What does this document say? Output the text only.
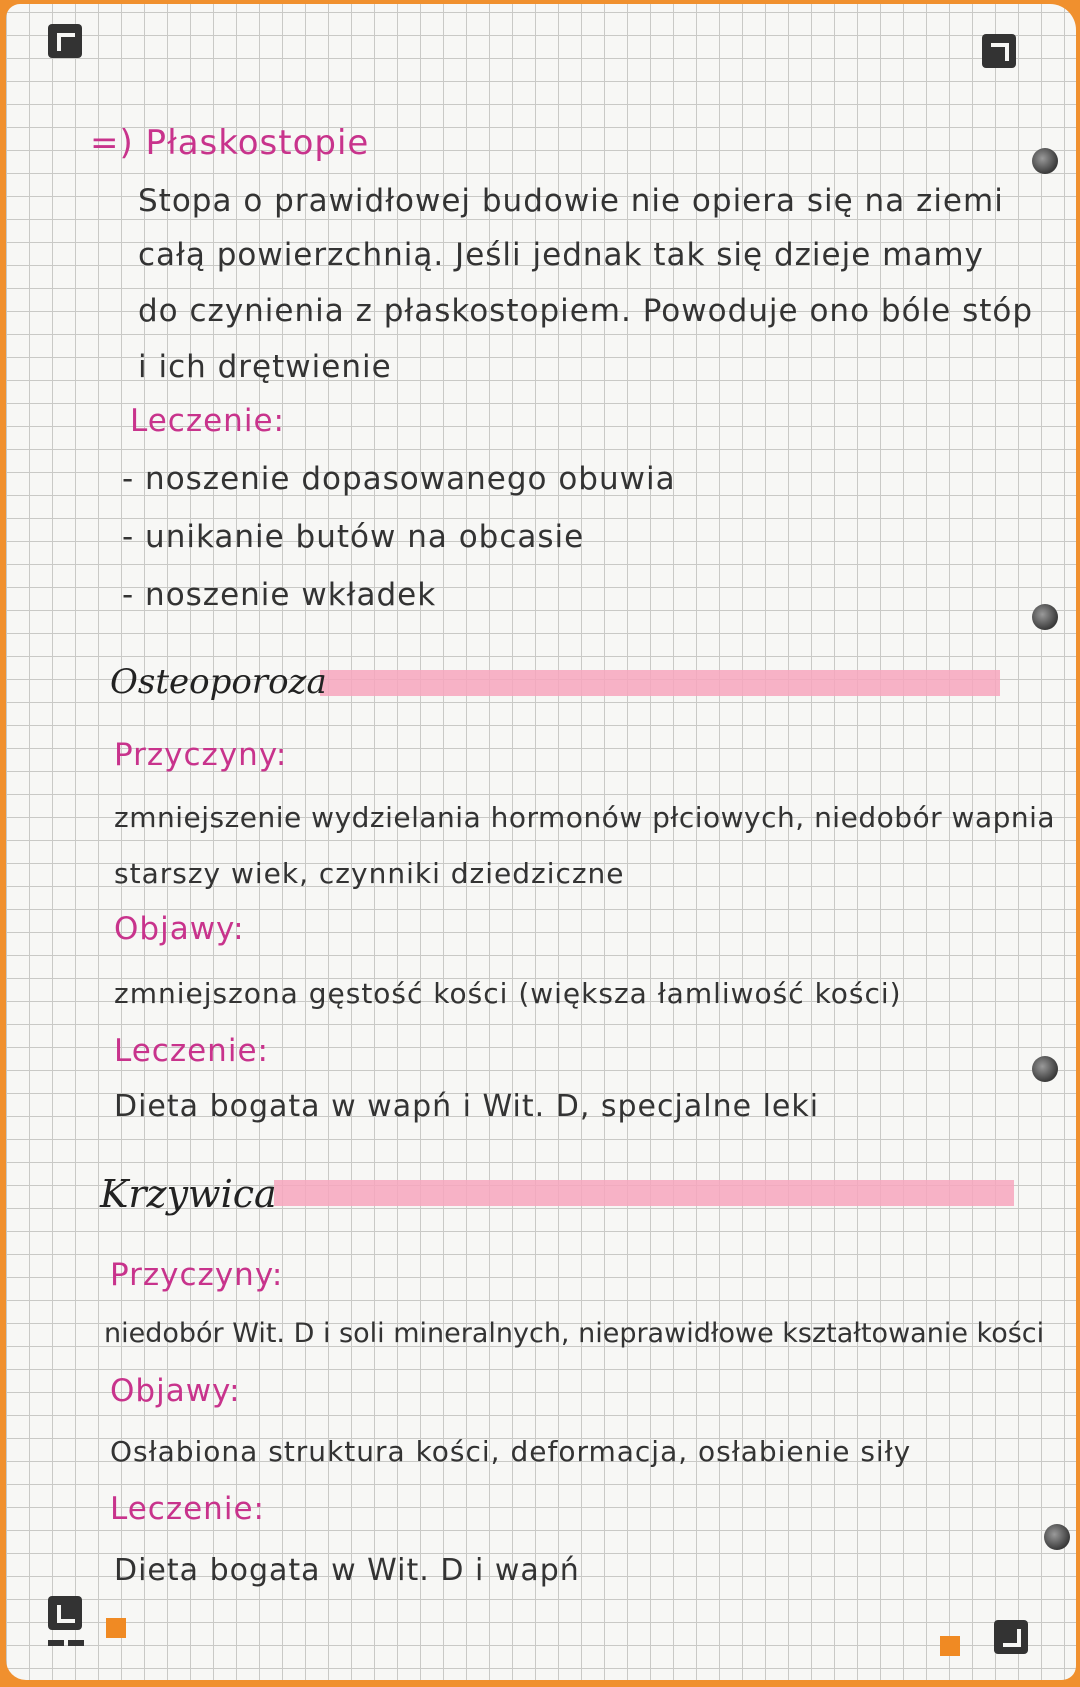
=) Płaskostopie
Stopa o prawidłowej budowie nie opiera się na ziemi
całą powierzchnią. Jeśli jednak tak się dzieje mamy
do czynienia z płaskostopiem. Powoduje ono bóle stóp
i ich drętwienie
Leczenie:
- noszenie dopasowanego obuwia
- unikanie butów na obcasie
- noszenie wkładek
Osteoporoza
Przyczyny:
zmniejszenie wydzielania hormonów płciowych, niedobór wapnia
starszy wiek, czynniki dziedziczne
Objawy:
zmniejszona gęstość kości (większa łamliwość kości)
Leczenie:
Dieta bogata w wapń i Wit. D, specjalne leki
Krzywica
Przyczyny:
niedobór Wit. D i soli mineralnych, nieprawidłowe kształtowanie kości
Objawy:
Osłabiona struktura kości, deformacja, osłabienie siły
Leczenie:
Dieta bogata w Wit. D i wapń
